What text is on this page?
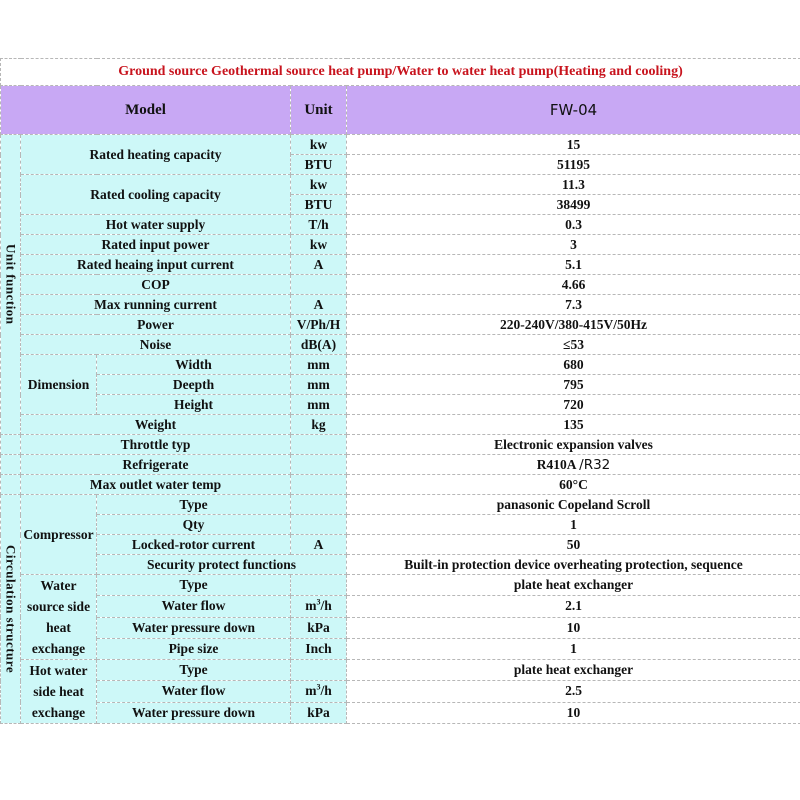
Ground source Geothermal source heat pump/Water to water heat pump(Heating and cooling)				
Model			Unit	FW-04
Unit function	Rated heating capacity		kw	15
			BTU	51195
	Rated cooling capacity		kw	11.3
			BTU	38499
	Hot water supply		T/h	0.3
	Rated input power		kw	3
	Rated heaing input current		A	5.1
	COP			4.66
	Max running current		A	7.3
	Power		V/Ph/H	220-240V/380-415V/50Hz
	Noise		dB(A)	≤53
	Dimension	Width	mm	680
		Deepth	mm	795
		Height	mm	720
	Weight		kg	135
	Throttle typ			Electronic expansion valves
	Refrigerate			R410A /R32
	Max outlet water temp			60°C
Circulation structure	Compressor	Type		panasonic Copeland Scroll
		Qty		1
		Locked-rotor current	A	50
		Security protect functions		Built-in protection device overheating protection, sequence
	Water source side heat exchange	Type		plate heat exchanger
		Water flow	$m^3/h$	2.1
		Water pressure down	kPa	10
		Pipe size	Inch	1
	Hot water side heat exchange	Type		plate heat exchanger
		Water flow	$m^3/h$	2.5
		Water pressure down	kPa	10
